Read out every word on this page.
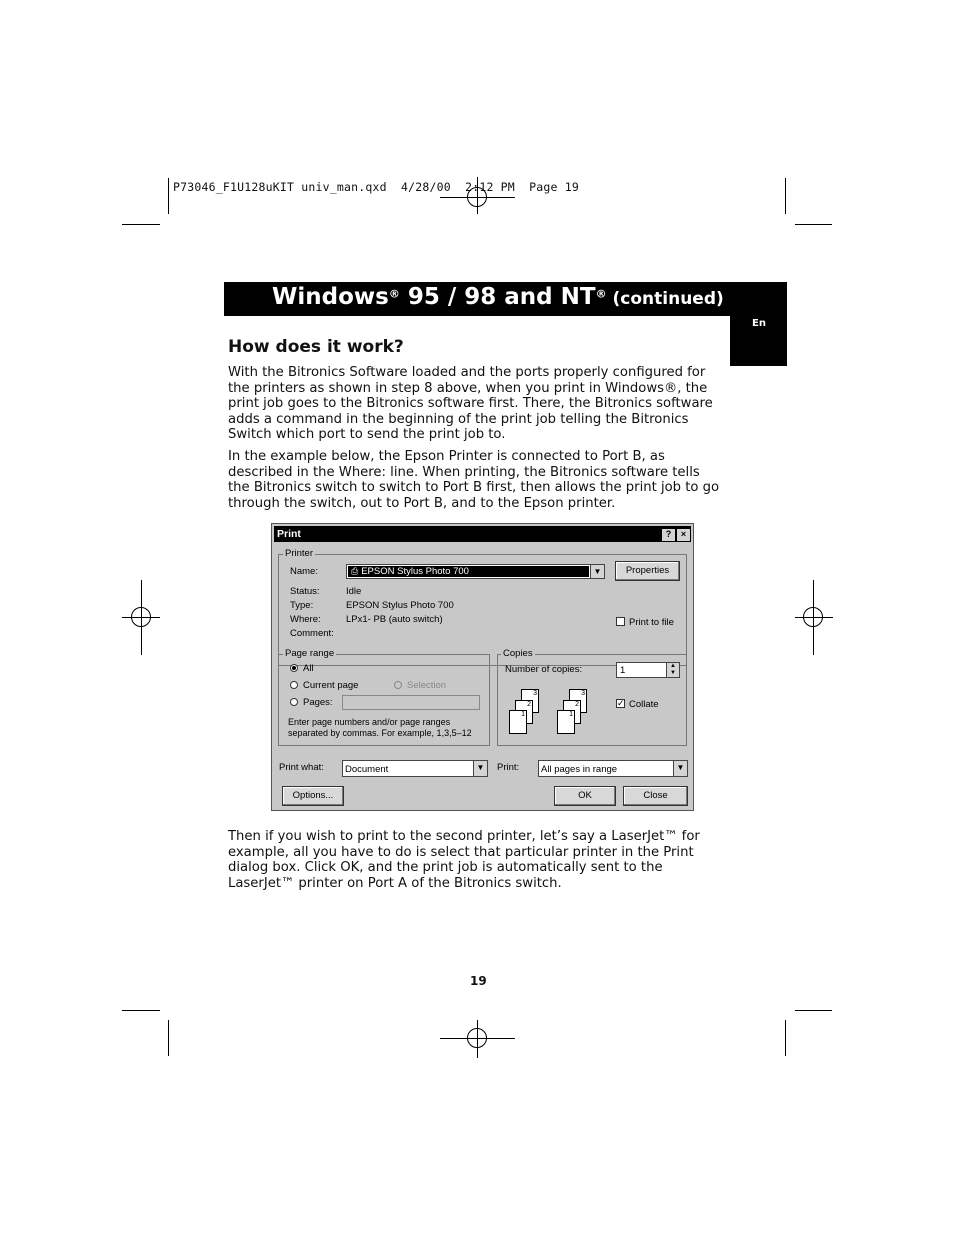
P73046_F1U128uKIT univ_man.qxd  4/28/00  2:12 PM  Page 19
Windows® 95 / 98 and NT® (continued)
En
How does it work?

With the Bitronics Software loaded and the ports properly configured for the printers as shown in step 8 above, when you print in Windows®, the print job goes to the Bitronics software first. There, the Bitronics software adds a command in the beginning of the print job telling the Bitronics Switch which port to send the print job to.

In the example below, the Epson Printer is connected to Port B, as described in the Where: line. When printing, the Bitronics software tells the Bitronics switch to switch to Port B first, then allows the print job to go through the switch, out to Port B, and to the Epson printer.

Print	?	×
Printer
Name:	⎙ EPSON Stylus Photo 700	▼	Properties
Status:	Idle
Type:	EPSON Stylus Photo 700
Where:	LPx1- PB (auto switch)
Comment:
Print to file
Page range
All
Current page	Selection
Pages:
Enter page numbers and/or page ranges
separated by commas. For example, 1,3,5–12
Copies
Number of copies:	1	▲
▼
3
2
1
3
2
1
✓ Collate
Print what: Document	▼ Print: All pages in range	▼
Options...	OK	Close

Then if you wish to print to the second printer, let’s say a LaserJet™ for example, all you have to do is select that particular printer in the Print dialog box. Click OK, and the print job is automatically sent to the LaserJet™ printer on Port A of the Bitronics switch.

19
